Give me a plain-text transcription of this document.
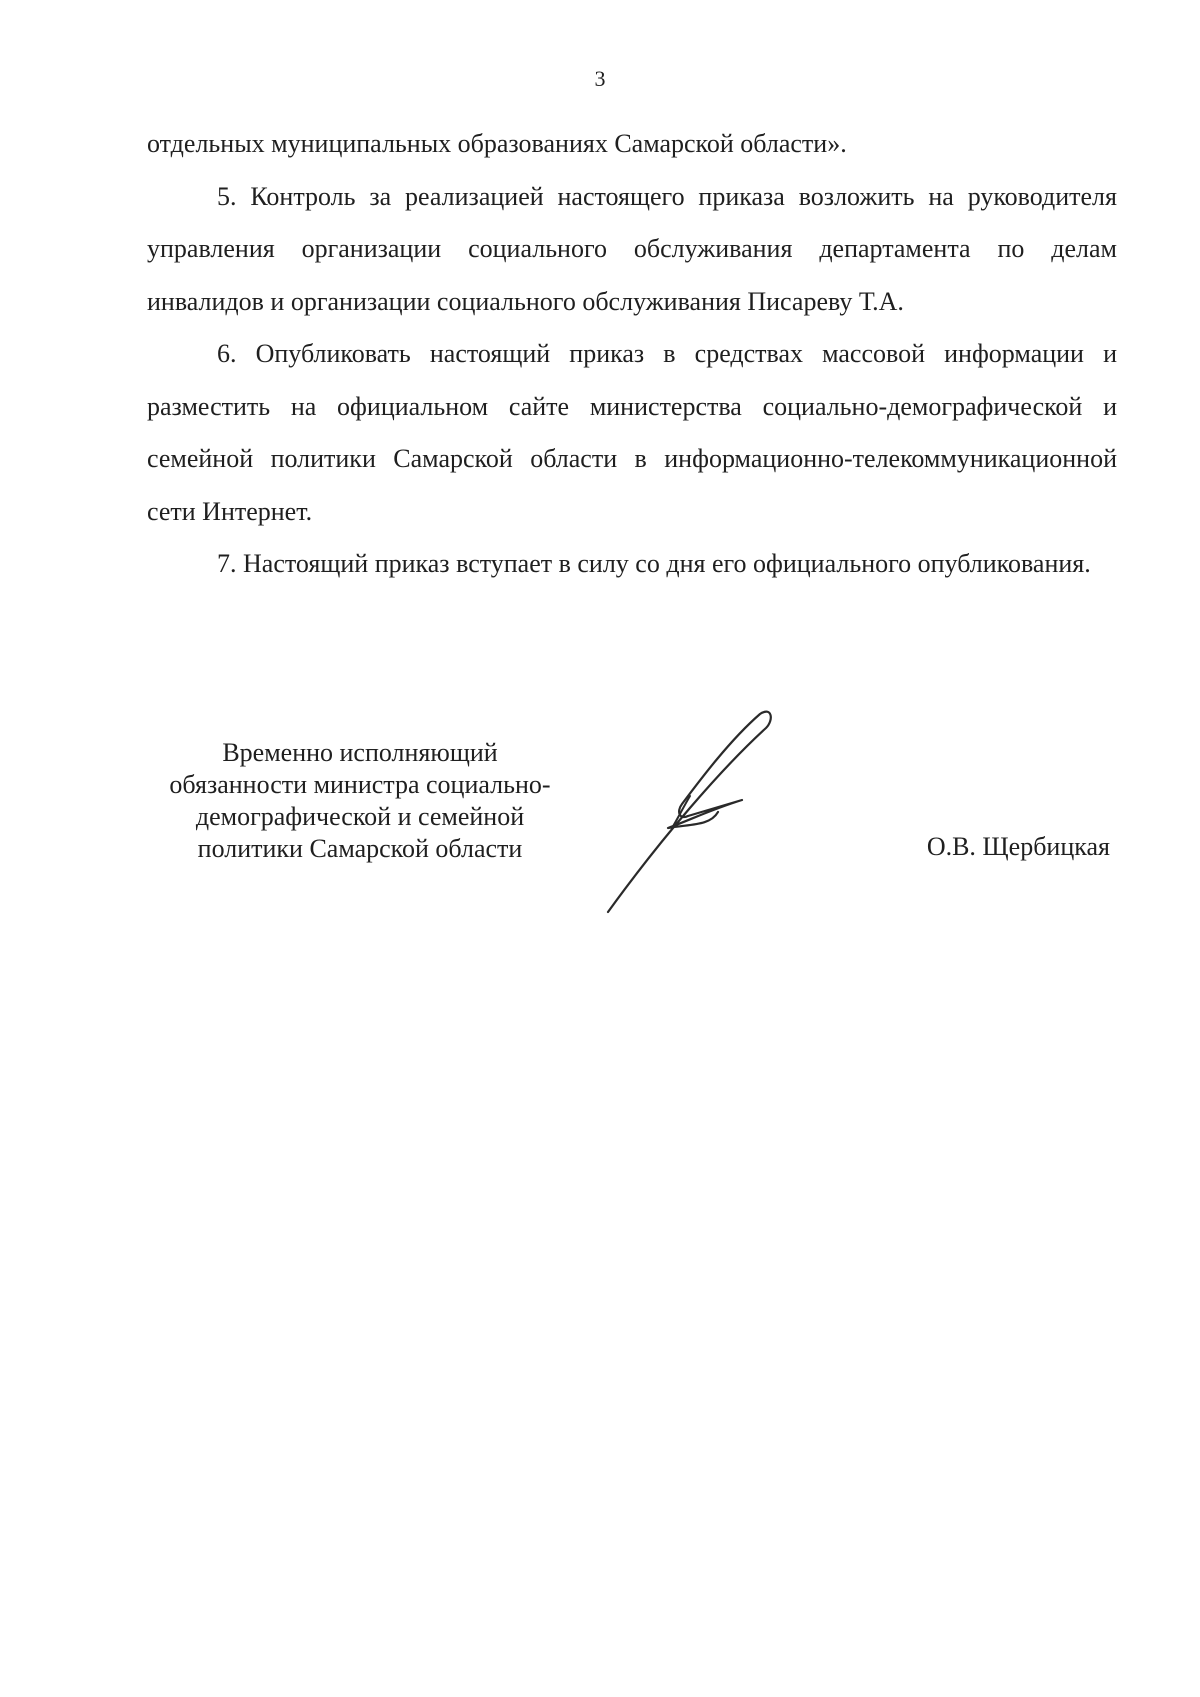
3

отдельных муниципальных образованиях Самарской области».

5. Контроль за реализацией настоящего приказа возложить на руководителя управления организации социального обслуживания департамента по делам инвалидов и организации социального обслуживания Писареву Т.А.

6. Опубликовать настоящий приказ в средствах массовой информации и разместить на официальном сайте министерства социально-демографической и семейной политики Самарской области в информационно-телекоммуникационной сети Интернет.

7. Настоящий приказ вступает в силу со дня его официального опубликования.

Временно исполняющий
обязанности министра социально-
демографической и семейной
политики Самарской области	О.В. Щербицкая
